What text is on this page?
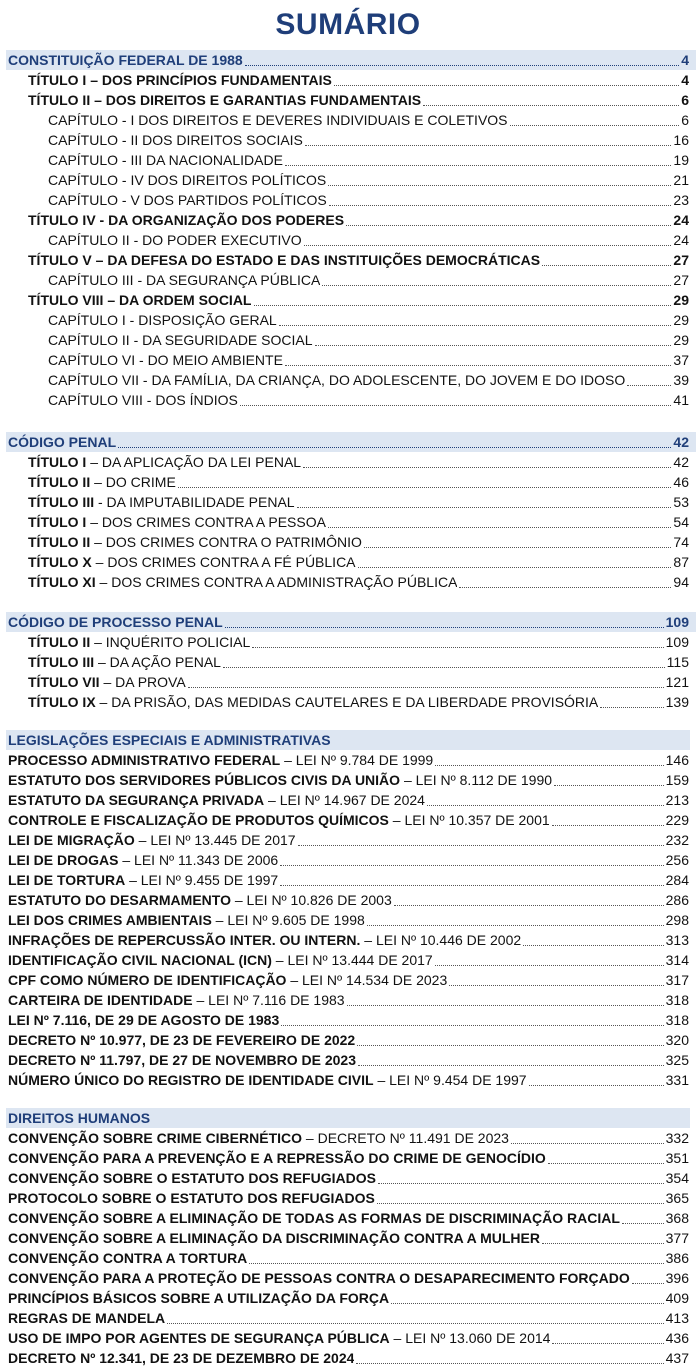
SUMÁRIO
CONSTITUIÇÃO FEDERAL DE 1988	4
TÍTULO I – DOS PRINCÍPIOS FUNDAMENTAIS	4
TÍTULO II – DOS DIREITOS E GARANTIAS FUNDAMENTAIS	6
CAPÍTULO - I DOS DIREITOS E DEVERES INDIVIDUAIS E COLETIVOS	6
CAPÍTULO - II DOS DIREITOS SOCIAIS	16
CAPÍTULO - III DA NACIONALIDADE	19
CAPÍTULO - IV DOS DIREITOS POLÍTICOS	21
CAPÍTULO - V DOS PARTIDOS POLÍTICOS	23
TÍTULO IV - DA ORGANIZAÇÃO DOS PODERES	24
CAPÍTULO II - DO PODER EXECUTIVO	24
TÍTULO V – DA DEFESA DO ESTADO E DAS INSTITUIÇÕES DEMOCRÁTICAS	27
CAPÍTULO III - DA SEGURANÇA PÚBLICA	27
TÍTULO VIII – DA ORDEM SOCIAL	29
CAPÍTULO I - DISPOSIÇÃO GERAL	29
CAPÍTULO II - DA SEGURIDADE SOCIAL	29
CAPÍTULO VI - DO MEIO AMBIENTE	37
CAPÍTULO VII - DA FAMÍLIA, DA CRIANÇA, DO ADOLESCENTE, DO JOVEM E DO IDOSO	39
CAPÍTULO VIII - DOS ÍNDIOS	41
CÓDIGO PENAL	42
TÍTULO I – DA APLICAÇÃO DA LEI PENAL	42
TÍTULO II – DO CRIME	46
TÍTULO III - DA IMPUTABILIDADE PENAL	53
TÍTULO I – DOS CRIMES CONTRA A PESSOA	54
TÍTULO II – DOS CRIMES CONTRA O PATRIMÔNIO	74
TÍTULO X – DOS CRIMES CONTRA A FÉ PÚBLICA	87
TÍTULO XI – DOS CRIMES CONTRA A ADMINISTRAÇÃO PÚBLICA	94
CÓDIGO DE PROCESSO PENAL	109
TÍTULO II – INQUÉRITO POLICIAL	109
TÍTULO III – DA AÇÃO PENAL	115
TÍTULO VII – DA PROVA	121
TÍTULO IX – DA PRISÃO, DAS MEDIDAS CAUTELARES E DA LIBERDADE PROVISÓRIA	139
LEGISLAÇÕES ESPECIAIS E ADMINISTRATIVAS
PROCESSO ADMINISTRATIVO FEDERAL – LEI Nº 9.784 DE 1999	146
ESTATUTO DOS SERVIDORES PÚBLICOS CIVIS DA UNIÃO – LEI Nº 8.112 DE 1990	159
ESTATUTO DA SEGURANÇA PRIVADA – LEI Nº 14.967 DE 2024	213
CONTROLE E FISCALIZAÇÃO DE PRODUTOS QUÍMICOS – LEI Nº 10.357 DE 2001	229
LEI DE MIGRAÇÃO – LEI Nº 13.445 DE 2017	232
LEI DE DROGAS – LEI Nº 11.343 DE 2006	256
LEI DE TORTURA – LEI Nº 9.455 DE 1997	284
ESTATUTO DO DESARMAMENTO – LEI Nº 10.826 DE 2003	286
LEI DOS CRIMES AMBIENTAIS – LEI Nº 9.605 DE 1998	298
INFRAÇÕES DE REPERCUSSÃO INTER. OU INTERN. – LEI Nº 10.446 DE 2002	313
IDENTIFICAÇÃO CIVIL NACIONAL (ICN) – LEI Nº 13.444 DE 2017	314
CPF COMO NÚMERO DE IDENTIFICAÇÃO – LEI Nº 14.534 DE 2023	317
CARTEIRA DE IDENTIDADE – LEI Nº 7.116 DE 1983	318
LEI Nº 7.116, DE 29 DE AGOSTO DE 1983	318
DECRETO Nº 10.977, DE 23 DE FEVEREIRO DE 2022	320
DECRETO Nº 11.797, DE 27 DE NOVEMBRO DE 2023	325
NÚMERO ÚNICO DO REGISTRO DE IDENTIDADE CIVIL – LEI Nº 9.454 DE 1997	331
DIREITOS HUMANOS
CONVENÇÃO SOBRE CRIME CIBERNÉTICO – DECRETO Nº 11.491 DE 2023	332
CONVENÇÃO PARA A PREVENÇÃO E A REPRESSÃO DO CRIME DE GENOCÍDIO	351
CONVENÇÃO SOBRE O ESTATUTO DOS REFUGIADOS	354
PROTOCOLO SOBRE O ESTATUTO DOS REFUGIADOS	365
CONVENÇÃO SOBRE A ELIMINAÇÃO DE TODAS AS FORMAS DE DISCRIMINAÇÃO RACIAL	368
CONVENÇÃO SOBRE A ELIMINAÇÃO DA DISCRIMINAÇÃO CONTRA A MULHER	377
CONVENÇÃO CONTRA A TORTURA	386
CONVENÇÃO PARA A PROTEÇÃO DE PESSOAS CONTRA O DESAPARECIMENTO FORÇADO	396
PRINCÍPIOS BÁSICOS SOBRE A UTILIZAÇÃO DA FORÇA	409
REGRAS DE MANDELA	413
USO DE IMPO POR AGENTES DE SEGURANÇA PÚBLICA – LEI Nº 13.060 DE 2014	436
DECRETO Nº 12.341, DE 23 DE DEZEMBRO DE 2024	437
